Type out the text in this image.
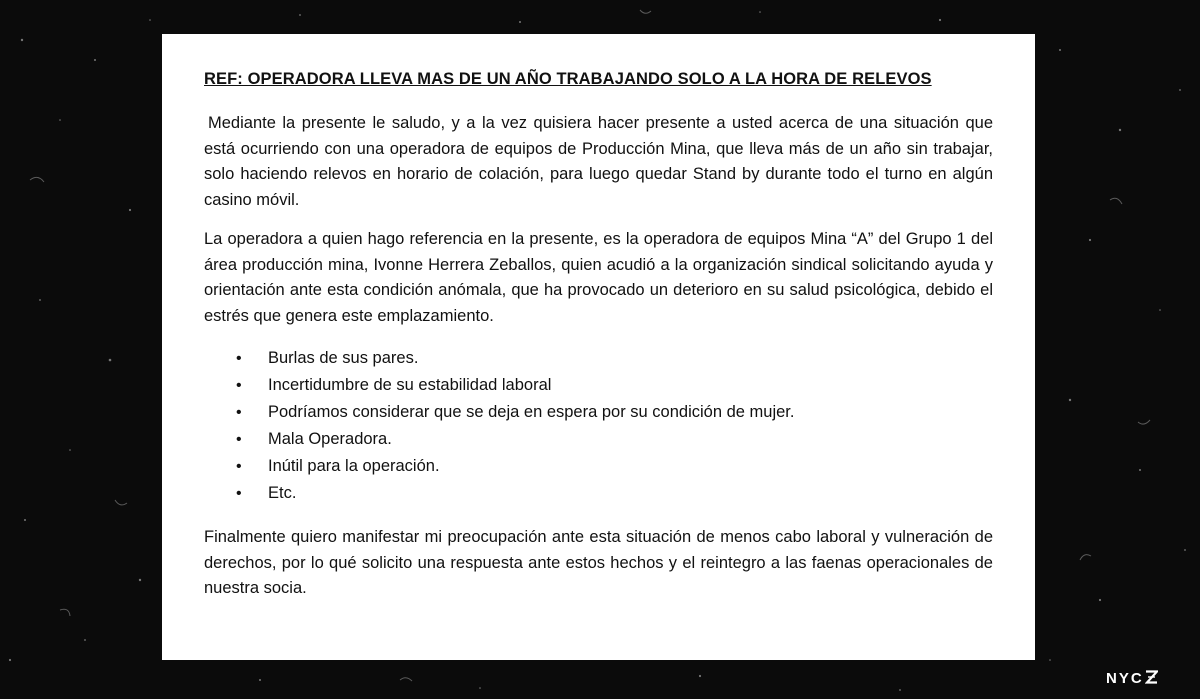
REF: OPERADORA LLEVA MAS DE UN AÑO TRABAJANDO SOLO A LA HORA DE RELEVOS

Mediante la presente le saludo, y a la vez quisiera hacer presente a usted acerca de una situación que está ocurriendo con una operadora de equipos de Producción Mina, que lleva más de un año sin trabajar, solo haciendo relevos en horario de colación, para luego quedar Stand by durante todo el turno en algún casino móvil.

La operadora a quien hago referencia en la presente, es la operadora de equipos Mina “A” del Grupo 1 del área producción mina, Ivonne Herrera Zeballos, quien acudió a la organización sindical solicitando ayuda y orientación ante esta condición anómala, que ha provocado un deterioro en su salud psicológica, debido el estrés que genera este emplazamiento.

• Burlas de sus pares.
• Incertidumbre de su estabilidad laboral
• Podríamos considerar que se deja en espera por su condición de mujer.
• Mala Operadora.
• Inútil para la operación.
• Etc.

Finalmente quiero manifestar mi preocupación ante esta situación de menos cabo laboral y vulneración de derechos, por lo qué solicito una respuesta ante estos hechos y el reintegro a las faenas operacionales de nuestra socia.

NYC
